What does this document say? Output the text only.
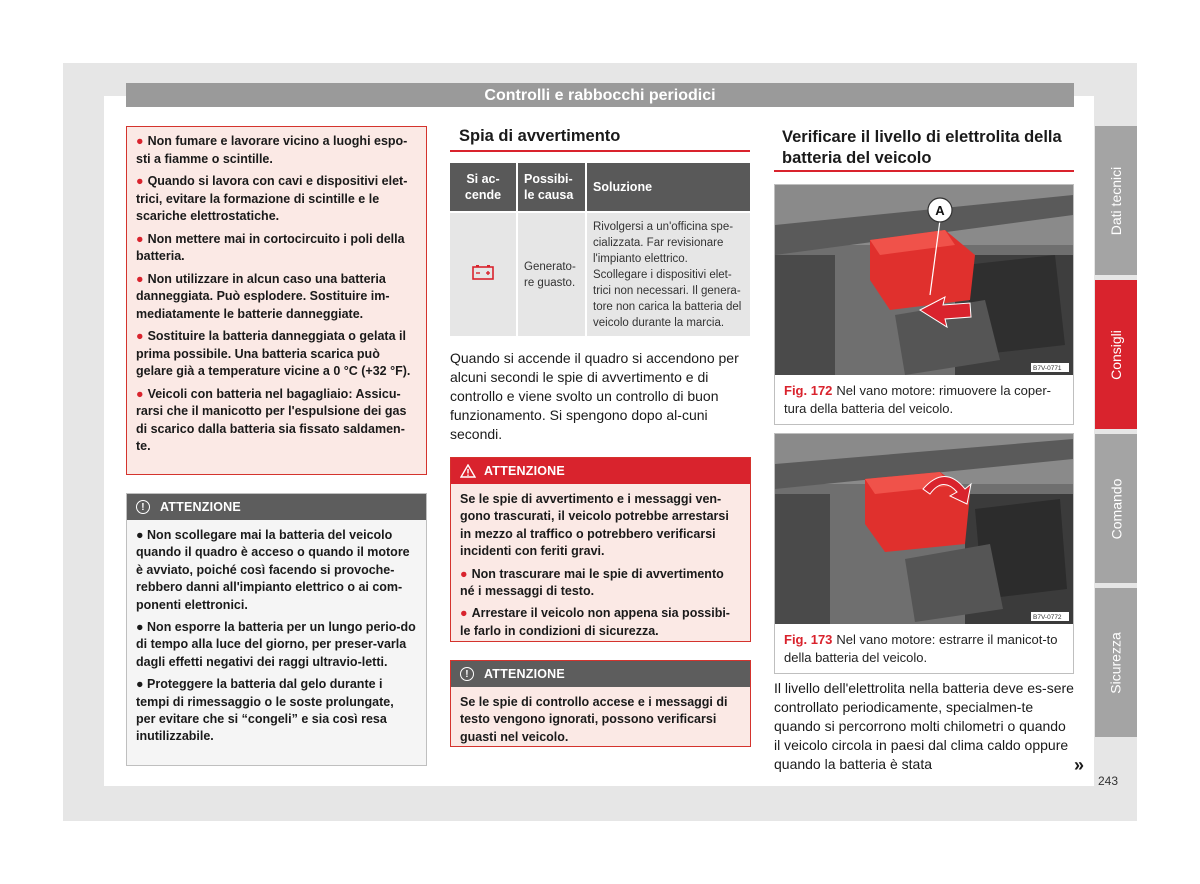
Controlli e rabbocchi periodici
Dati tecnici
Consigli
Comando
Sicurezza
243

● Non fumare e lavorare vicino a luoghi espo-sti a fiamme o scintille.

● Quando si lavora con cavi e dispositivi elet-trici, evitare la formazione di scintille e le scariche elettrostatiche.

● Non mettere mai in cortocircuito i poli della batteria.

● Non utilizzare in alcun caso una batteria danneggiata. Può esplodere. Sostituire im-mediatamente le batterie danneggiate.

● Sostituire la batteria danneggiata o gelata il prima possibile. Una batteria scarica può gelare già a temperature vicine a 0 °C (+32 °F).

● Veicoli con batteria nel bagagliaio: Assicu-rarsi che il manicotto per l'espulsione dei gas di scarico dalla batteria sia fissato saldamen-te.

!	ATTENZIONE

● Non scollegare mai la batteria del veicolo quando il quadro è acceso o quando il motore è avviato, poiché così facendo si provoche-rebbero danni all'impianto elettrico o ai com-ponenti elettronici.

● Non esporre la batteria per un lungo perio-do di tempo alla luce del giorno, per preser-varla dagli effetti negativi dei raggi ultravio-letti.

● Proteggere la batteria dal gelo durante i tempi di rimessaggio o le soste prolungate, per evitare che si “congeli” e sia così resa inutilizzabile.

Spia di avvertimento
Si ac-cende	Possibi-le causa	Soluzione
	Generato-re guasto.	Rivolgersi a un'officina spe-cializzata. Far revisionare l'impianto elettrico. Scollegare i dispositivi elet-trici non necessari. Il genera-tore non carica la batteria del veicolo durante la marcia.
Quando si accende il quadro si accendono per alcuni secondi le spie di avvertimento e di controllo e viene svolto un controllo di buon funzionamento. Si spengono dopo al-cuni secondi.
ATTENZIONE

Se le spie di avvertimento e i messaggi ven-gono trascurati, il veicolo potrebbe arrestarsi in mezzo al traffico o potrebbero verificarsi incidenti con feriti gravi.

● Non trascurare mai le spie di avvertimento né i messaggi di testo.

● Arrestare il veicolo non appena sia possibi-le farlo in condizioni di sicurezza.

!	ATTENZIONE

Se le spie di controllo accese e i messaggi di testo vengono ignorati, possono verificarsi guasti nel veicolo.

Verificare il livello di elettrolita della batteria del veicolo
A
B7V-0771
Fig. 172 Nel vano motore: rimuovere la coper-tura della batteria del veicolo.
B7V-0772
Fig. 173 Nel vano motore: estrarre il manicot-to della batteria del veicolo.
Il livello dell'elettrolita nella batteria deve es-sere controllato periodicamente, specialmen-te quando si percorrono molti chilometri o quando il veicolo circola in paesi dal clima caldo oppure quando la batteria è stata	»
